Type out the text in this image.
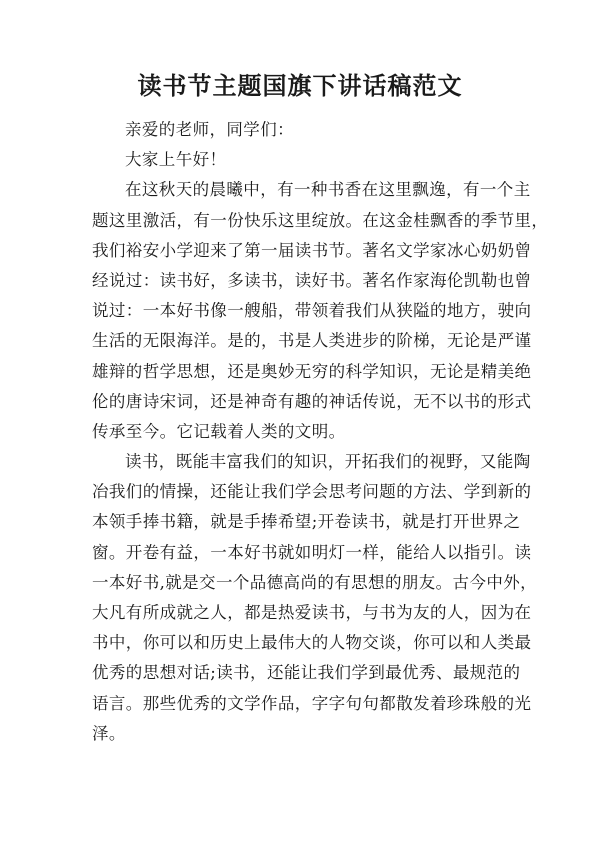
读书节主题国旗下讲话稿范文
亲爱的老师，同学们：
大家上午好！
在这秋天的晨曦中，有一种书香在这里飘逸，有一个主
题这里激活，有一份快乐这里绽放。在这金桂飘香的季节里，
我们裕安小学迎来了第一届读书节。著名文学家冰心奶奶曾
经说过：读书好，多读书，读好书。著名作家海伦凯勒也曾
说过：一本好书像一艘船，带领着我们从狭隘的地方，驶向
生活的无限海洋。是的，书是人类进步的阶梯，无论是严谨
雄辩的哲学思想，还是奥妙无穷的科学知识，无论是精美绝
伦的唐诗宋词，还是神奇有趣的神话传说，无不以书的形式
传承至今。它记载着人类的文明。
读书，既能丰富我们的知识，开拓我们的视野，又能陶
冶我们的情操，还能让我们学会思考问题的方法、学到新的
本领手捧书籍，就是手捧希望;开卷读书，就是打开世界之
窗。开卷有益，一本好书就如明灯一样，能给人以指引。读
一本好书,就是交一个品德高尚的有思想的朋友。古今中外，
大凡有所成就之人，都是热爱读书，与书为友的人，因为在
书中，你可以和历史上最伟大的人物交谈，你可以和人类最
优秀的思想对话;读书，还能让我们学到最优秀、最规范的
语言。那些优秀的文学作品，字字句句都散发着珍珠般的光
泽。
